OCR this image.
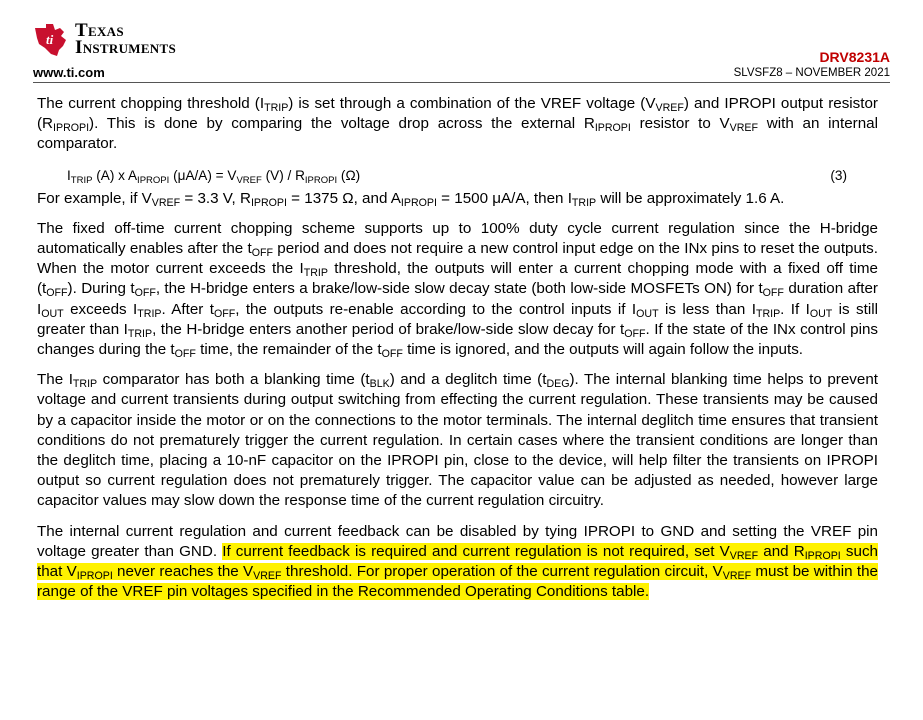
ti Texas
Instruments
www.ti.com
DRV8231A
SLVSFZ8 – NOVEMBER 2021

The current chopping threshold $(I_{TRIP})$ is set through a combination of the VREF voltage $(V_{VREF})$ and IPROPI output resistor $(R_{IPROPI})$. This is done by comparing the voltage drop across the external $R_{IPROPI}$ resistor to $V_{VREF}$ with an internal comparator.

$I_{TRIP}$ (A) x $A_{IPROPI}$ $(\mu A/A) = V_{VREF}$ $(V) / R_{IPROPI}$ (Ω)	(3)

For example, if $V_{VREF} = 3.3$ V, $R_{IPROPI} = 1375$ Ω, and $A_{IPROPI} = 1500$ μA/A, then $I_{TRIP}$ will be approximately 1.6 A.

The fixed off-time current chopping scheme supports up to 100% duty cycle current regulation since the H-bridge automatically enables after the $t_{OFF}$ period and does not require a new control input edge on the INx pins to reset the outputs. When the motor current exceeds the $I_{TRIP}$ threshold, the outputs will enter a current chopping mode with a fixed off time $(t_{OFF})$. During $t_{OFF}$, the H-bridge enters a brake/low-side slow decay state (both low-side MOSFETs ON) for $t_{OFF}$ duration after $I_{OUT}$ exceeds $I_{TRIP}$. After $t_{OFF}$, the outputs re-enable according to the control inputs if $I_{OUT}$ is less than $I_{TRIP}$. If $I_{OUT}$ is still greater than $I_{TRIP}$, the H-bridge enters another period of brake/low-side slow decay for $t_{OFF}$. If the state of the INx control pins changes during the $t_{OFF}$ time, the remainder of the $t_{OFF}$ time is ignored, and the outputs will again follow the inputs.

The $I_{TRIP}$ comparator has both a blanking time $(t_{BLK})$ and a deglitch time $(t_{DEG})$. The internal blanking time helps to prevent voltage and current transients during output switching from effecting the current regulation. These transients may be caused by a capacitor inside the motor or on the connections to the motor terminals. The internal deglitch time ensures that transient conditions do not prematurely trigger the current regulation. In certain cases where the transient conditions are longer than the deglitch time, placing a 10-nF capacitor on the IPROPI pin, close to the device, will help filter the transients on IPROPI output so current regulation does not prematurely trigger. The capacitor value can be adjusted as needed, however large capacitor values may slow down the response time of the current regulation circuitry.

The internal current regulation and current feedback can be disabled by tying IPROPI to GND and setting the VREF pin voltage greater than GND. If current feedback is required and current regulation is not required, set $V_{VREF}$ and $R_{IPROPI}$ such that $V_{IPROPI}$ never reaches the $V_{VREF}$ threshold. For proper operation of the current regulation circuit, $V_{VREF}$ must be within the range of the VREF pin voltages specified in the Recommended Operating Conditions table.
